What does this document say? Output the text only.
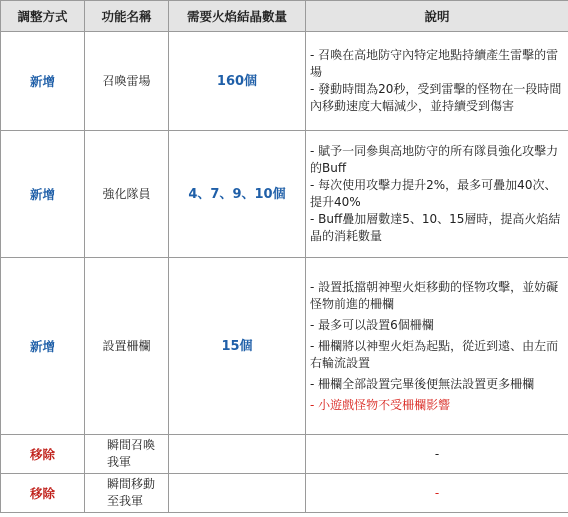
調整方式	功能名稱	需要火焰結晶數量	說明
新增	召喚雷場	160個	- 召喚在高地防守內特定地點持續產生雷擊的雷場

- 發動時間為20秒，受到雷擊的怪物在一段時間內移動速度大幅減少，並持續受到傷害

新增	強化隊員	4、7、9、10個	- 賦予一同參與高地防守的所有隊員強化攻擊力的Buff

- 每次使用攻擊力提升2%，最多可疊加40次、提升40%

- Buff疊加層數達5、10、15層時，提高火焰結晶的消耗數量

新增	設置柵欄	15個	- 設置抵擋朝神聖火炬移動的怪物攻擊，並妨礙怪物前進的柵欄

- 最多可以設置6個柵欄

- 柵欄將以神聖火炬為起點，從近到遠、由左而右輪流設置

- 柵欄全部設置完畢後便無法設置更多柵欄

- 小遊戲怪物不受柵欄影響

移除	瞬間召喚我軍		-
移除	瞬間移動至我軍		-
